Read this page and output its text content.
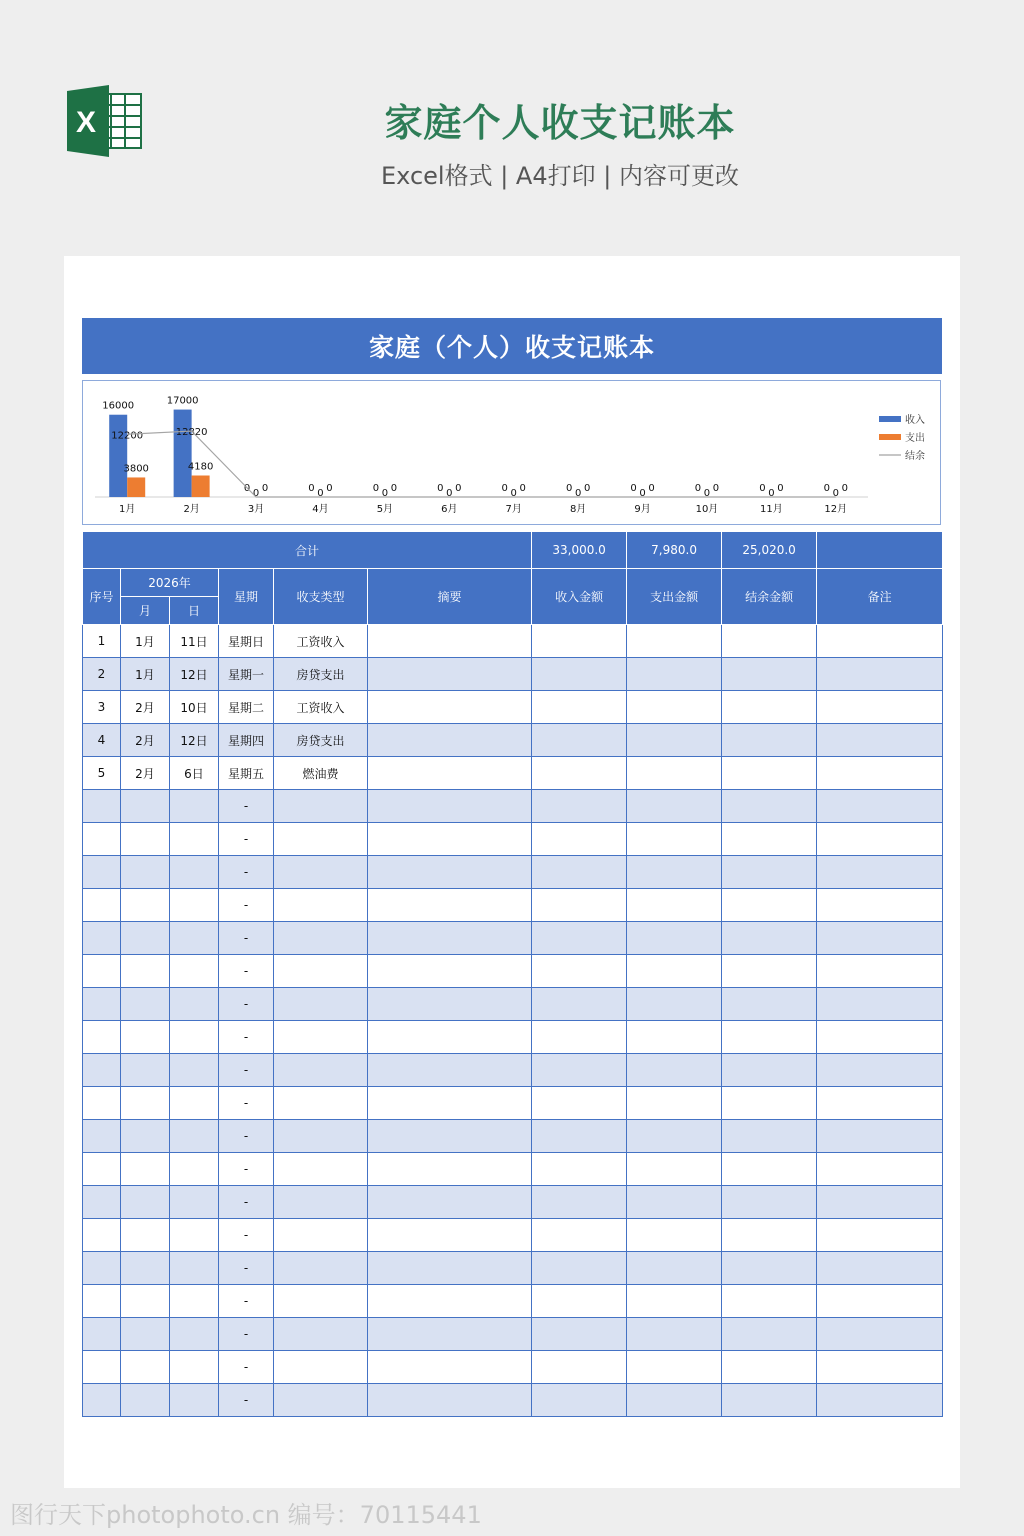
X	家庭个人收支记账本
Excel格式 | A4打印 | 内容可更改
家庭（个人）收支记账本
16000
3800
12200
1月
17000
4180
12820
2月
0 0
0
3月
0 0
0
4月
0 0
0
5月
0 0
0
6月
0 0
0
7月
0 0
0
8月
0 0
0
9月
0 0
0
10月
0 0
0
11月
0 0
0
12月
收入
支出
结余
合计						33,000.0	7,980.0	25,020.0	
序号	2026年		星期	收支类型	摘要	收入金额	支出金额	结余金额	备注
	月	日							
1	1月	11日	星期日	工资收入					
2	1月	12日	星期一	房贷支出					
3	2月	10日	星期二	工资收入					
4	2月	12日	星期四	房贷支出					
5	2月	6日	星期五	燃油费					
			-						
			-						
			-						
			-						
			-						
			-						
			-						
			-						
			-						
			-						
			-						
			-						
			-						
			-						
			-						
			-						
			-						
			-						
			-						
图行天下photophoto.cn 编号：70115441
